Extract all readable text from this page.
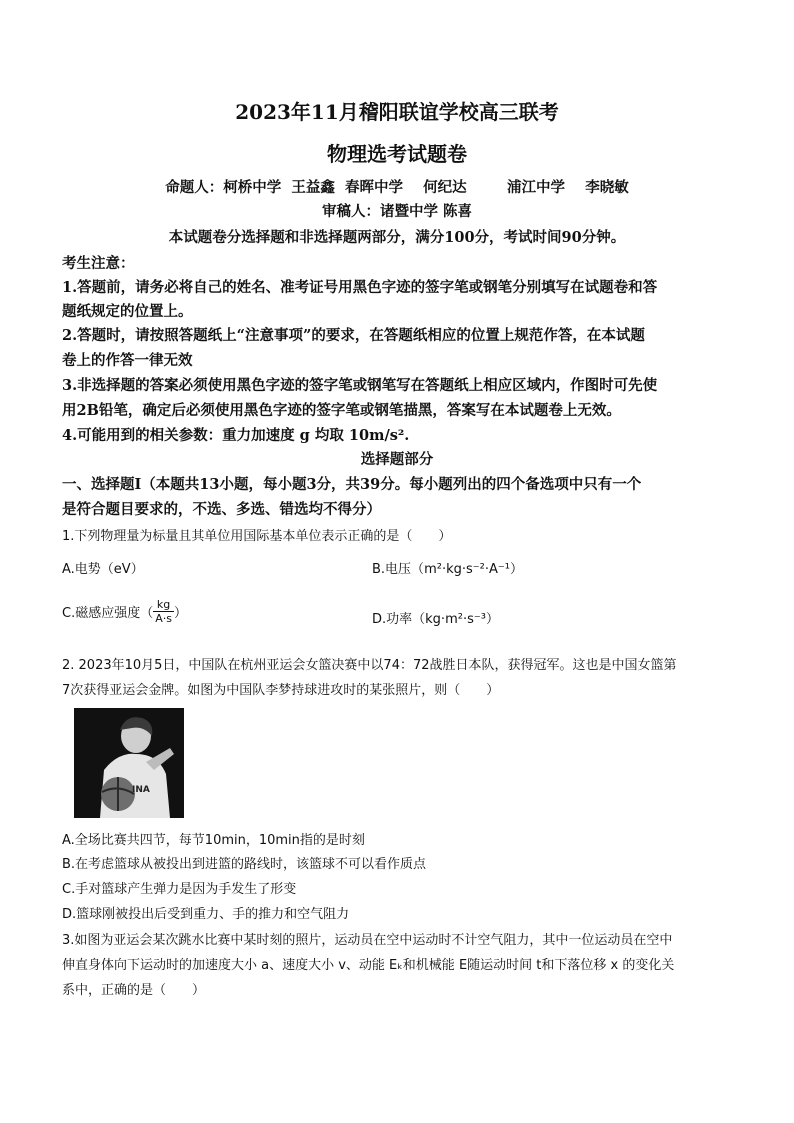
2023年11月稽阳联谊学校高三联考
物理选考试题卷
命题人：柯桥中学  王益鑫  春晖中学    何纪达        浦江中学    李晓敏
审稿人：诸暨中学 陈喜
本试题卷分选择题和非选择题两部分，满分100分，考试时间90分钟。
考生注意：
1.答题前，请务必将自己的姓名、准考证号用黑色字迹的签字笔或钢笔分别填写在试题卷和答
题纸规定的位置上。
2.答题时，请按照答题纸上“注意事项”的要求，在答题纸相应的位置上规范作答，在本试题
卷上的作答一律无效
3.非选择题的答案必须使用黑色字迹的签字笔或钢笔写在答题纸上相应区域内，作图时可先使
用2B铅笔，确定后必须使用黑色字迹的签字笔或钢笔描黑，答案写在本试题卷上无效。
4.可能用到的相关参数：重力加速度 g 均取 10m/s².
选择题部分
一、选择题Ⅰ（本题共13小题，每小题3分，共39分。每小题列出的四个备选项中只有一个
是符合题目要求的，不选、多选、错选均不得分）
1.下列物理量为标量且其单位用国际基本单位表示正确的是（　　）
A.电势（eV）	B.电压（m²·kg·s⁻²·A⁻¹）
C.磁感应强度（ $\frac{kg}{A\cdot s}$ ）	D.功率（kg·m²·s⁻³）
2. 2023年10月5日，中国队在杭州亚运会女篮决赛中以74：72战胜日本队，获得冠军。这也是中国女篮第
7次获得亚运会金牌。如图为中国队李梦持球进攻时的某张照片，则（　　）
INA
A.全场比赛共四节，每节10min，10min指的是时刻
B.在考虑篮球从被投出到进篮的路线时，该篮球不可以看作质点
C.手对篮球产生弹力是因为手发生了形变
D.篮球刚被投出后受到重力、手的推力和空气阻力
3.如图为亚运会某次跳水比赛中某时刻的照片，运动员在空中运动时不计空气阻力，其中一位运动员在空中
伸直身体向下运动时的加速度大小 a、速度大小 v、动能 Eₖ和机械能 E随运动时间 t和下落位移 x 的变化关
系中，正确的是（　　）
